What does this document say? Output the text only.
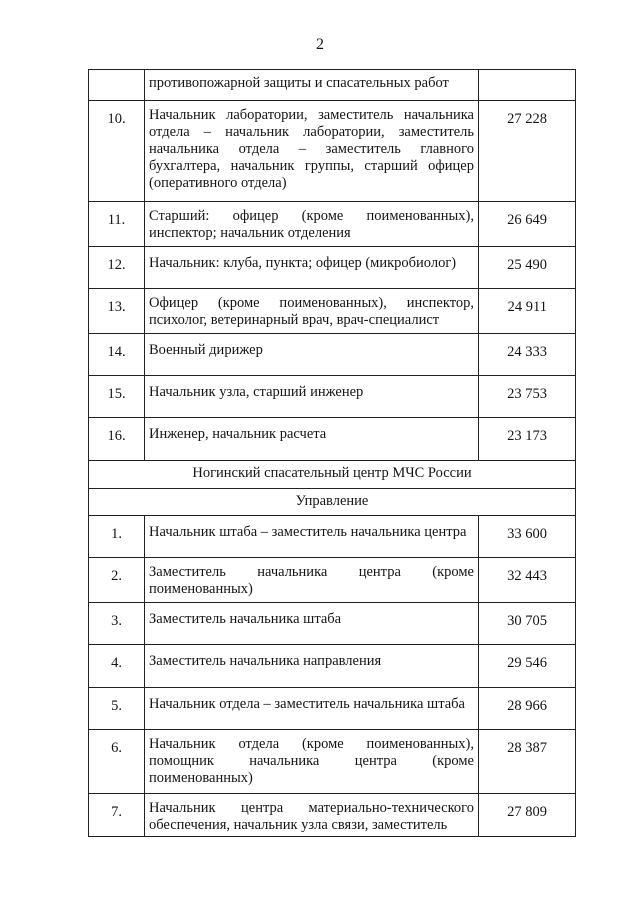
2
	противопожарной защиты и спасательных работ	
10.	Начальник лаборатории, заместитель начальника отдела – начальник лаборатории, заместитель начальника отдела – заместитель главного бухгалтера, начальник группы, старший офицер (оперативного отдела)	27 228
11.	Старший: офицер (кроме поименованных), инспектор; начальник отделения	26 649
12.	Начальник: клуба, пункта; офицер (микробиолог)	25 490
13.	Офицер (кроме поименованных), инспектор, психолог, ветеринарный врач, врач-специалист	24 911
14.	Военный дирижер	24 333
15.	Начальник узла, старший инженер	23 753
16.	Инженер, начальник расчета	23 173
Ногинский спасательный центр МЧС России		
Управление		
1.	Начальник штаба – заместитель начальника центра	33 600
2.	Заместитель начальника центра (кроме поименованных)	32 443
3.	Заместитель начальника штаба	30 705
4.	Заместитель начальника направления	29 546
5.	Начальник отдела – заместитель начальника штаба	28 966
6.	Начальник отдела (кроме поименованных), помощник начальника центра (кроме поименованных)	28 387
7.	Начальник центра материально-технического обеспечения, начальник узла связи, заместитель	27 809
